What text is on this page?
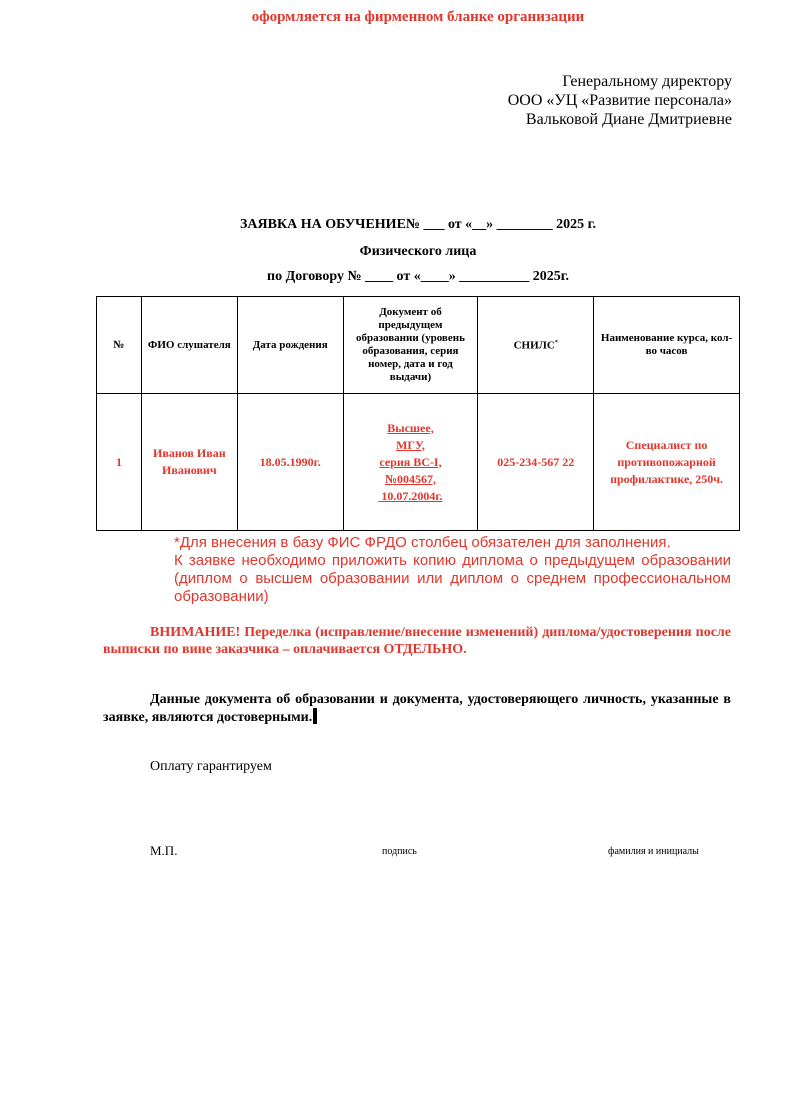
оформляется на фирменном бланке организации
Генеральному директору
ООО «УЦ «Развитие персонала»
Вальковой Диане Дмитриевне
ЗАЯВКА НА ОБУЧЕНИЕ№ ___ от «__» ________ 2025 г.
Физического лица
по Договору № ____ от «____» __________ 2025г.
№	ФИО слушателя	Дата рождения	Документ об предыдущем образовании (уровень образования, серия номер, дата и год выдачи)	СНИЛС*	Наименование курса, кол-во часов
1	Иванов Иван Иванович	18.05.1990г.	Высшее,
МГУ,
серия ВС-I,
№004567,
10.07.2004г.	025-234-567 22	Специалист по противопожарной профилактике, 250ч.

*Для внесения в базу ФИС ФРДО столбец обязателен для заполнения.

К заявке необходимо приложить копию диплома о предыдущем образовании (диплом о высшем образовании или диплом о среднем профессиональном образовании)

ВНИМАНИЕ! Переделка (исправление/внесение изменений) диплома/удостоверения после выписки по вине заказчика – оплачивается ОТДЕЛЬНО.
Данные документа об образовании и документа, удостоверяющего личность, указанные в заявке, являются достоверными.
Оплату гарантируем
М.П.	подпись	фамилия и инициалы
